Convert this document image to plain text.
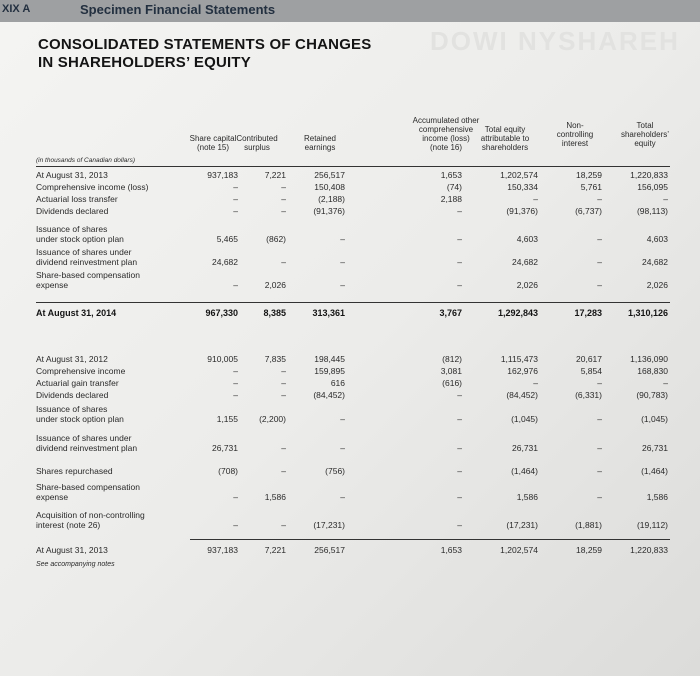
XIX A	Specimen Financial Statements
DOWI NYSHAREH
CONSOLIDATED STATEMENTS OF CHANGES
IN SHAREHOLDERS’ EQUITY
Share capital
(note 15)
Contributed
surplus
Retained
earnings
Accumulated other
comprehensive
income (loss)
(note 16)
Total equity
attributable to
shareholders
Non-
controlling
interest
Total
shareholders’
equity
(in thousands of Canadian dollars)
At August 31, 2013	937,183	7,221	256,517	1,653	1,202,574	18,259	1,220,833
Comprehensive income (loss)	–	–	150,408	(74)	150,334	5,761	156,095
Actuarial loss transfer	–	–	(2,188)	2,188	–	–	–
Dividends declared	–	–	(91,376)	–	(91,376)	(6,737)	(98,113)
Issuance of shares
under stock option plan	5,465	(862)	–	–	4,603	–	4,603
Issuance of shares under
dividend reinvestment plan	24,682	–	–	–	24,682	–	24,682
Share-based compensation
expense	–	2,026	–	–	2,026	–	2,026
At August 31, 2014	967,330	8,385	313,361	3,767	1,292,843	17,283	1,310,126
At August 31, 2012	910,005	7,835	198,445	(812)	1,115,473	20,617	1,136,090
Comprehensive income	–	–	159,895	3,081	162,976	5,854	168,830
Actuarial gain transfer	–	–	616	(616)	–	–	–
Dividends declared	–	–	(84,452)	–	(84,452)	(6,331)	(90,783)
Issuance of shares
under stock option plan	1,155	(2,200)	–	–	(1,045)	–	(1,045)
Issuance of shares under
dividend reinvestment plan	26,731	–	–	–	26,731	–	26,731
Shares repurchased	(708)	–	(756)	–	(1,464)	–	(1,464)
Share-based compensation
expense	–	1,586	–	–	1,586	–	1,586
Acquisition of non-controlling
interest (note 26)	–	–	(17,231)	–	(17,231)	(1,881)	(19,112)
At August 31, 2013	937,183	7,221	256,517	1,653	1,202,574	18,259	1,220,833
See accompanying notes
